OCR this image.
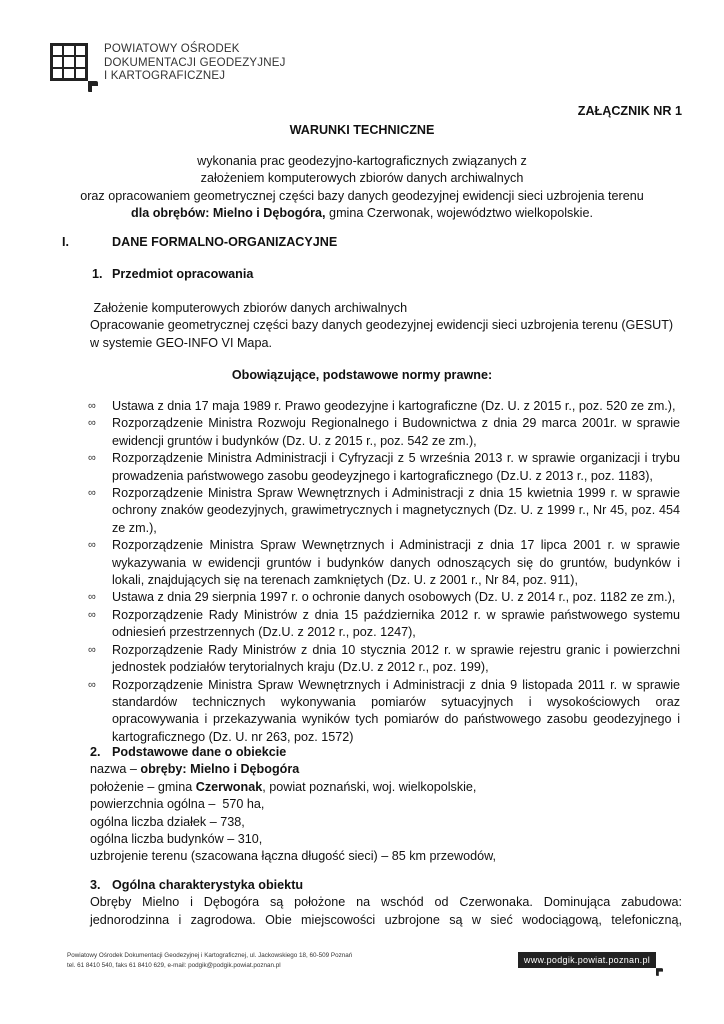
POWIATOWY OŚRODEK
DOKUMENTACJI GEODEZYJNEJ
I KARTOGRAFICZNEJ
ZAŁĄCZNIK NR 1
WARUNKI TECHNICZNE
wykonania prac geodezyjno-kartograficznych związanych z
założeniem komputerowych zbiorów danych archiwalnych
oraz opracowaniem geometrycznej części bazy danych geodezyjnej ewidencji sieci uzbrojenia terenu
dla obrębów: Mielno i Dębogóra, gmina Czerwonak, województwo wielkopolskie.
I.	DANE FORMALNO-ORGANIZACYJNE
1. Przedmiot opracowania
Założenie komputerowych zbiorów danych archiwalnych
Opracowanie geometrycznej części bazy danych geodezyjnej ewidencji sieci uzbrojenia terenu (GESUT)
w systemie GEO-INFO VI Mapa.
Obowiązujące, podstawowe normy prawne:
∞ Ustawa z dnia 17 maja 1989 r. Prawo geodezyjne i kartograficzne (Dz. U. z 2015 r., poz. 520 ze zm.),
∞ Rozporządzenie Ministra Rozwoju Regionalnego i Budownictwa z dnia 29 marca 2001r. w sprawie ewidencji gruntów i budynków (Dz. U. z 2015 r., poz. 542 ze zm.),
∞ Rozporządzenie Ministra Administracji i Cyfryzacji z 5 września 2013 r. w sprawie organizacji i trybu prowadzenia państwowego zasobu geodeyzjnego i kartograficznego (Dz.U. z 2013 r., poz. 1183),
∞ Rozporządzenie Ministra Spraw Wewnętrznych i Administracji z dnia 15 kwietnia 1999 r. w sprawie ochrony znaków geodezyjnych, grawimetrycznych i magnetycznych (Dz. U. z 1999 r., Nr 45, poz. 454 ze zm.),
∞ Rozporządzenie Ministra Spraw Wewnętrznych i Administracji z dnia 17 lipca 2001 r. w sprawie wykazywania w ewidencji gruntów i budynków danych odnoszących się do gruntów, budynków i lokali, znajdujących się na terenach zamkniętych (Dz. U. z 2001 r., Nr 84, poz. 911),
∞ Ustawa z dnia 29 sierpnia 1997 r. o ochronie danych osobowych (Dz. U. z 2014 r., poz. 1182 ze zm.),
∞ Rozporządzenie Rady Ministrów z dnia 15 października 2012 r. w sprawie państwowego systemu odniesień przestrzennych (Dz.U. z 2012 r., poz. 1247),
∞ Rozporządzenie Rady Ministrów z dnia 10 stycznia 2012 r. w sprawie rejestru granic i powierzchni jednostek podziałów terytorialnych kraju (Dz.U. z 2012 r., poz. 199),
∞ Rozporządzenie Ministra Spraw Wewnętrznych i Administracji z dnia 9 listopada 2011 r. w sprawie standardów technicznych wykonywania pomiarów sytuacyjnych i wysokościowych oraz opracowywania i przekazywania wyników tych pomiarów do państwowego zasobu geodezyjnego i kartograficznego (Dz. U. nr 263, poz. 1572)
2. Podstawowe dane o obiekcie
nazwa – obręby: Mielno i Dębogóra
położenie – gmina Czerwonak, powiat poznański, woj. wielkopolskie,
powierzchnia ogólna –  570 ha,
ogólna liczba działek – 738,
ogólna liczba budynków – 310,
uzbrojenie terenu (szacowana łączna długość sieci) – 85 km przewodów,
3. Ogólna charakterystyka obiektu
Obręby Mielno i Dębogóra są położone na wschód od Czerwonaka. Dominująca zabudowa:
jednorodzinna i zagrodowa. Obie miejscowości uzbrojone są w sieć wodociągową, telefoniczną,
Powiatowy Ośrodek Dokumentacji Geodezyjnej i Kartograficznej, ul. Jackowskiego 18, 60-509 Poznań
tel. 61 8410 540, faks 61 8410 629, e-mail: podgik@podgik.powiat.poznan.pl
www.podgik.powiat.poznan.pl
